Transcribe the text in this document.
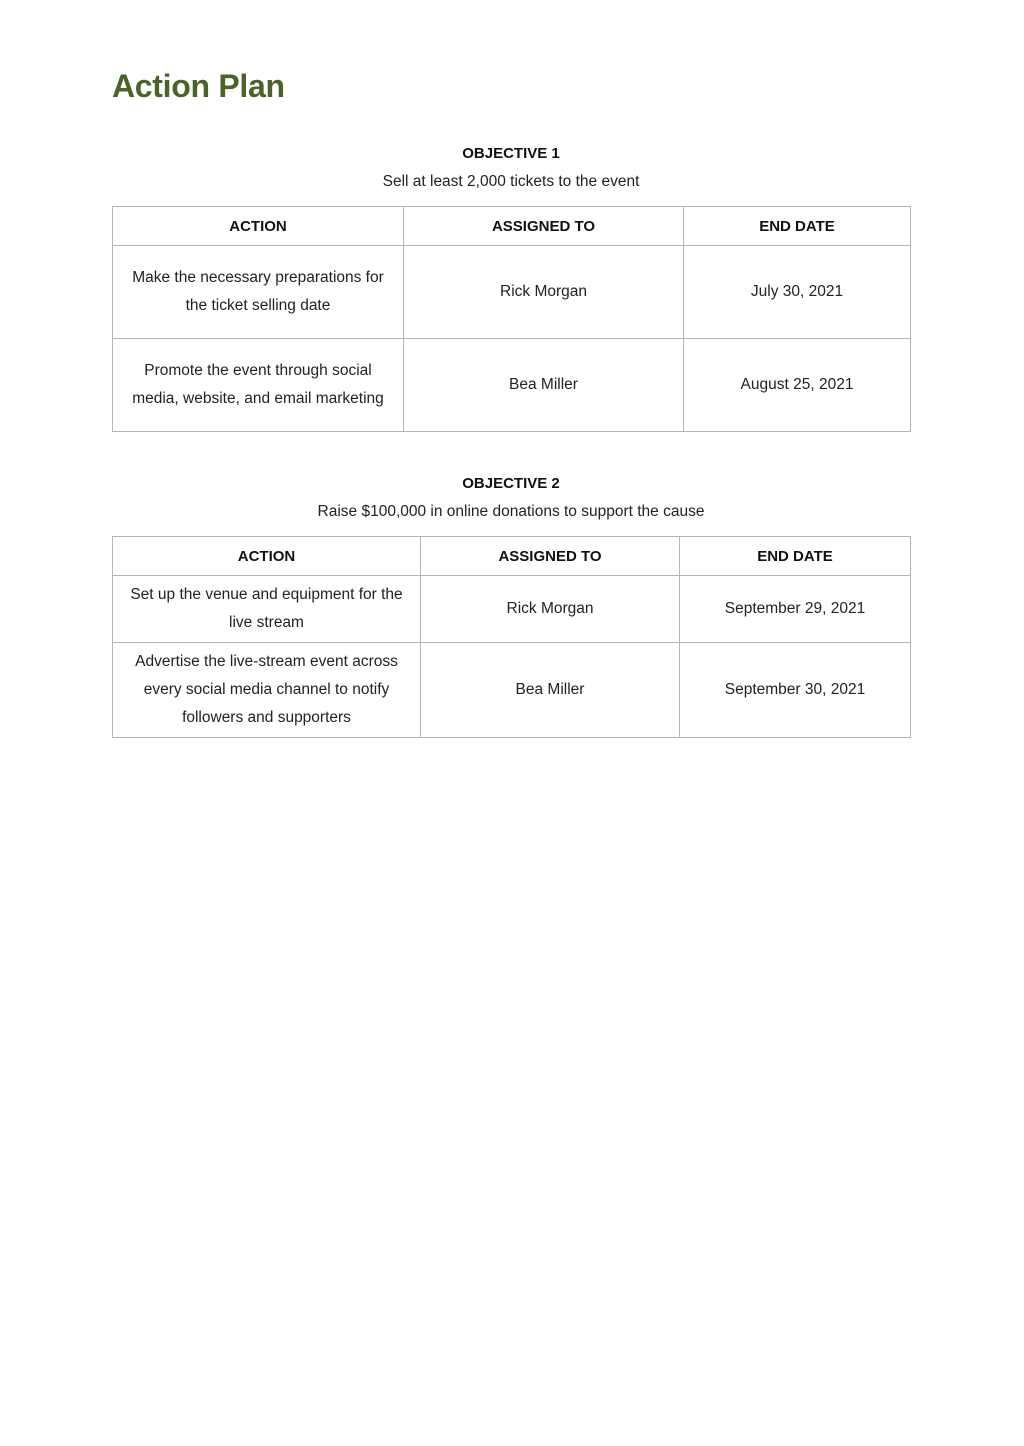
Action Plan
OBJECTIVE 1
Sell at least 2,000 tickets to the event
ACTION	ASSIGNED TO	END DATE
Make the necessary preparations for the ticket selling date	Rick Morgan	July 30, 2021
Promote the event through social media, website, and email marketing	Bea Miller	August 25, 2021
OBJECTIVE 2
Raise $100,000 in online donations to support the cause
ACTION	ASSIGNED TO	END DATE
Set up the venue and equipment for the live stream	Rick Morgan	September 29, 2021
Advertise the live-stream event across every social media channel to notify followers and supporters	Bea Miller	September 30, 2021
